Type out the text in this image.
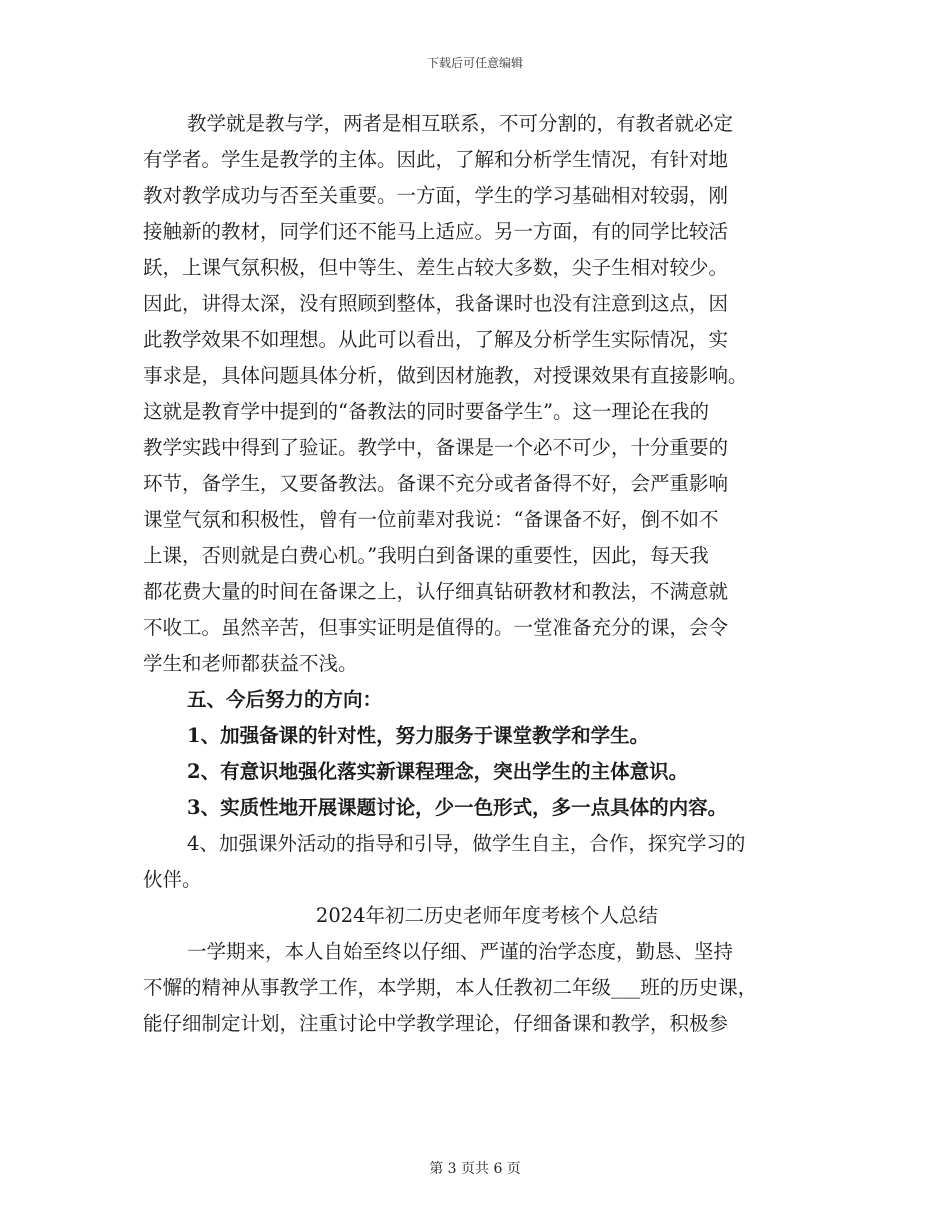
下载后可任意编辑
教学就是教与学，两者是相互联系，不可分割的，有教者就必定
有学者。学生是教学的主体。因此，了解和分析学生情况，有针对地
教对教学成功与否至关重要。一方面，学生的学习基础相对较弱，刚
接触新的教材，同学们还不能马上适应。另一方面，有的同学比较活
跃，上课气氛积极，但中等生、差生占较大多数，尖子生相对较少。
因此，讲得太深，没有照顾到整体，我备课时也没有注意到这点，因
此教学效果不如理想。从此可以看出，了解及分析学生实际情况，实
事求是，具体问题具体分析，做到因材施教，对授课效果有直接影响。
这就是教育学中提到的“备教法的同时要备学生”。这一理论在我的
教学实践中得到了验证。教学中，备课是一个必不可少，十分重要的
环节，备学生，又要备教法。备课不充分或者备得不好，会严重影响
课堂气氛和积极性，曾有一位前辈对我说：“备课备不好，倒不如不
上课，否则就是白费心机。”我明白到备课的重要性，因此，每天我
都花费大量的时间在备课之上，认仔细真钻研教材和教法，不满意就
不收工。虽然辛苦，但事实证明是值得的。一堂准备充分的课，会令
学生和老师都获益不浅。
五、今后努力的方向：
1、加强备课的针对性，努力服务于课堂教学和学生。
2、有意识地强化落实新课程理念，突出学生的主体意识。
3、实质性地开展课题讨论，少一色形式，多一点具体的内容。
4、加强课外活动的指导和引导，做学生自主，合作，探究学习的
伙伴。
2024年初二历史老师年度考核个人总结
一学期来，本人自始至终以仔细、严谨的治学态度，勤恳、坚持
不懈的精神从事教学工作，本学期，本人任教初二年级___班的历史课，
能仔细制定计划，注重讨论中学教学理论，仔细备课和教学，积极参
第 3 页共 6 页
